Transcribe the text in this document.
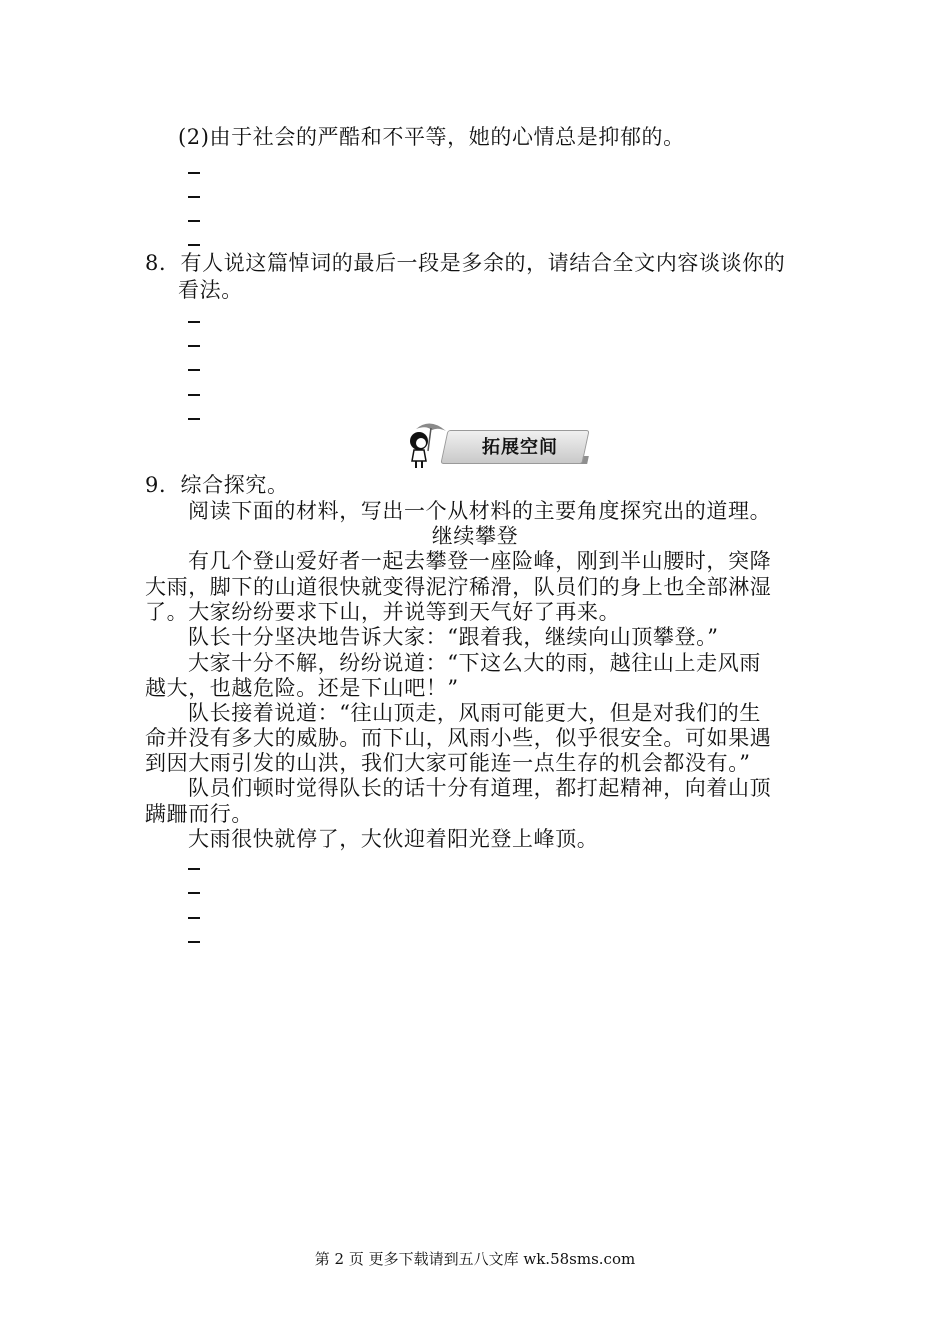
(2)由于社会的严酷和不平等，她的心情总是抑郁的。
8．有人说这篇悼词的最后一段是多余的，请结合全文内容谈谈你的
看法。
拓展空间
9．综合探究。
阅读下面的材料，写出一个从材料的主要角度探究出的道理。
继续攀登
有几个登山爱好者一起去攀登一座险峰，刚到半山腰时，突降
大雨，脚下的山道很快就变得泥泞稀滑，队员们的身上也全部淋湿
了。大家纷纷要求下山，并说等到天气好了再来。
队长十分坚决地告诉大家：“跟着我，继续向山顶攀登。”
大家十分不解，纷纷说道：“下这么大的雨，越往山上走风雨
越大，也越危险。还是下山吧！”
队长接着说道：“往山顶走，风雨可能更大，但是对我们的生
命并没有多大的威胁。而下山，风雨小些，似乎很安全。可如果遇
到因大雨引发的山洪，我们大家可能连一点生存的机会都没有。”
队员们顿时觉得队长的话十分有道理，都打起精神，向着山顶
蹒跚而行。
大雨很快就停了，大伙迎着阳光登上峰顶。
第 2 页 更多下载请到五八文库 wk.58sms.com
